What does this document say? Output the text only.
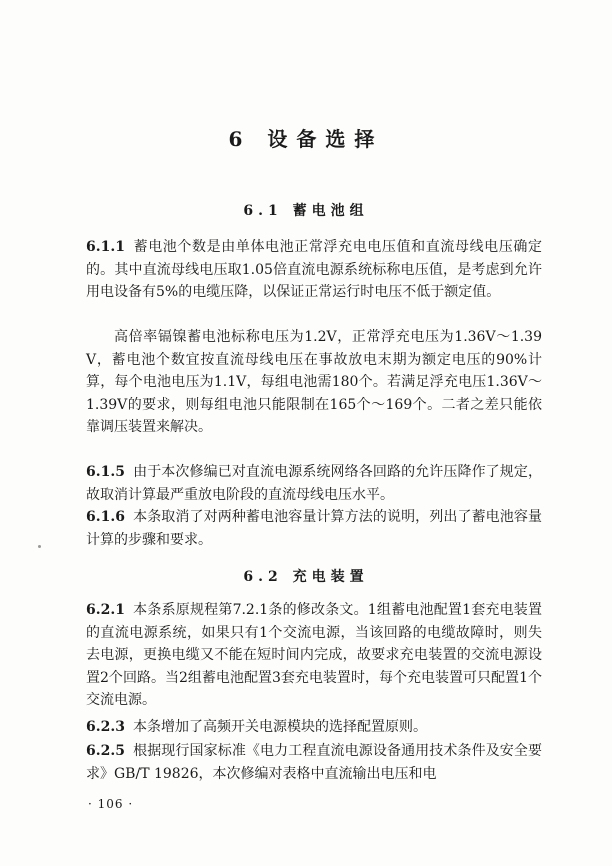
6 设备选择
6.1 蓄电池组
6.1.1 蓄电池个数是由单体电池正常浮充电电压值和直流母线电压确定的。其中直流母线电压取1.05倍直流电源系统标称电压值，是考虑到允许用电设备有5%的电缆压降，以保证正常运行时电压不低于额定值。
高倍率镉镍蓄电池标称电压为1.2V，正常浮充电压为1.36V～1.39V，蓄电池个数宜按直流母线电压在事故放电末期为额定电压的90%计算，每个电池电压为1.1V，每组电池需180个。若满足浮充电压1.36V～1.39V的要求，则每组电池只能限制在165个～169个。二者之差只能依靠调压装置来解决。
6.1.5 由于本次修编已对直流电源系统网络各回路的允许压降作了规定，故取消计算最严重放电阶段的直流母线电压水平。
6.1.6 本条取消了对两种蓄电池容量计算方法的说明，列出了蓄电池容量计算的步骤和要求。
6.2 充电装置
6.2.1 本条系原规程第7.2.1条的修改条文。1组蓄电池配置1套充电装置的直流电源系统，如果只有1个交流电源，当该回路的电缆故障时，则失去电源，更换电缆又不能在短时间内完成，故要求充电装置的交流电源设置2个回路。当2组蓄电池配置3套充电装置时，每个充电装置可只配置1个交流电源。
6.2.3 本条增加了高频开关电源模块的选择配置原则。
6.2.5 根据现行国家标准《电力工程直流电源设备通用技术条件及安全要求》GB/T 19826，本次修编对表格中直流输出电压和电
· 106 ·
